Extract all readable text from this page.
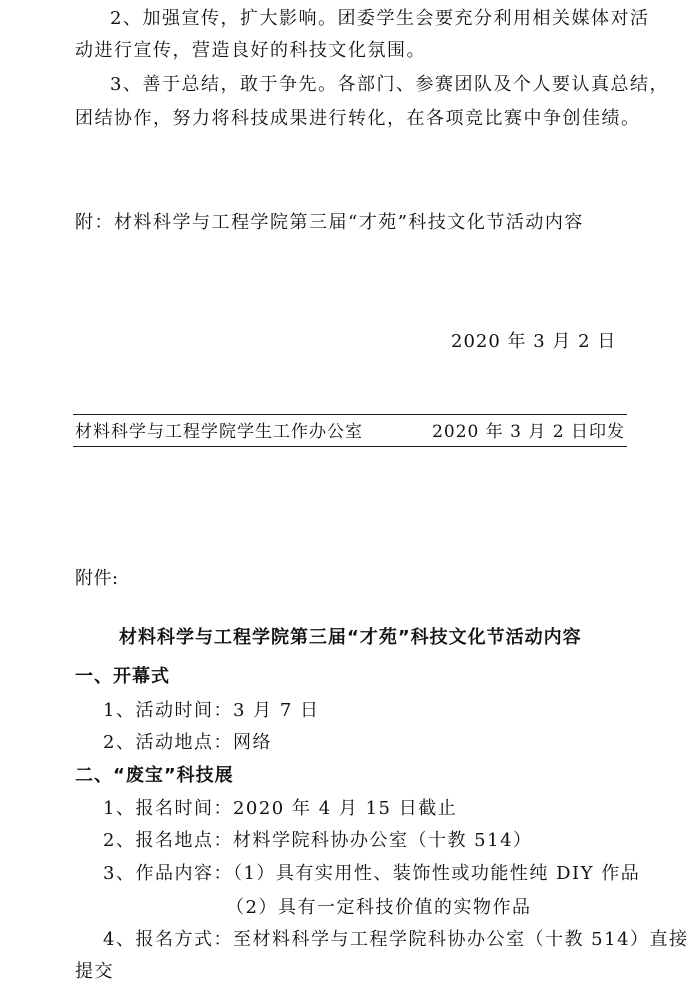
2、加强宣传，扩大影响。团委学生会要充分利用相关媒体对活
动进行宣传，营造良好的科技文化氛围。
3、善于总结，敢于争先。各部门、参赛团队及个人要认真总结，
团结协作，努力将科技成果进行转化，在各项竞比赛中争创佳绩。
附：材料科学与工程学院第三届“才苑”科技文化节活动内容
2020 年 3 月 2 日
材料科学与工程学院学生工作办公室	2020 年 3 月 2 日印发
附件:
材料科学与工程学院第三届“才苑”科技文化节活动内容
一、开幕式
1、活动时间：3 月 7 日
2、活动地点：网络
二、“废宝”科技展
1、报名时间：2020 年 4 月 15 日截止
2、报名地点：材料学院科协办公室（十教 514）
3、作品内容：（1）具有实用性、装饰性或功能性纯 DIY 作品
（2）具有一定科技价值的实物作品
4、报名方式：至材料科学与工程学院科协办公室（十教 514）直接
提交
